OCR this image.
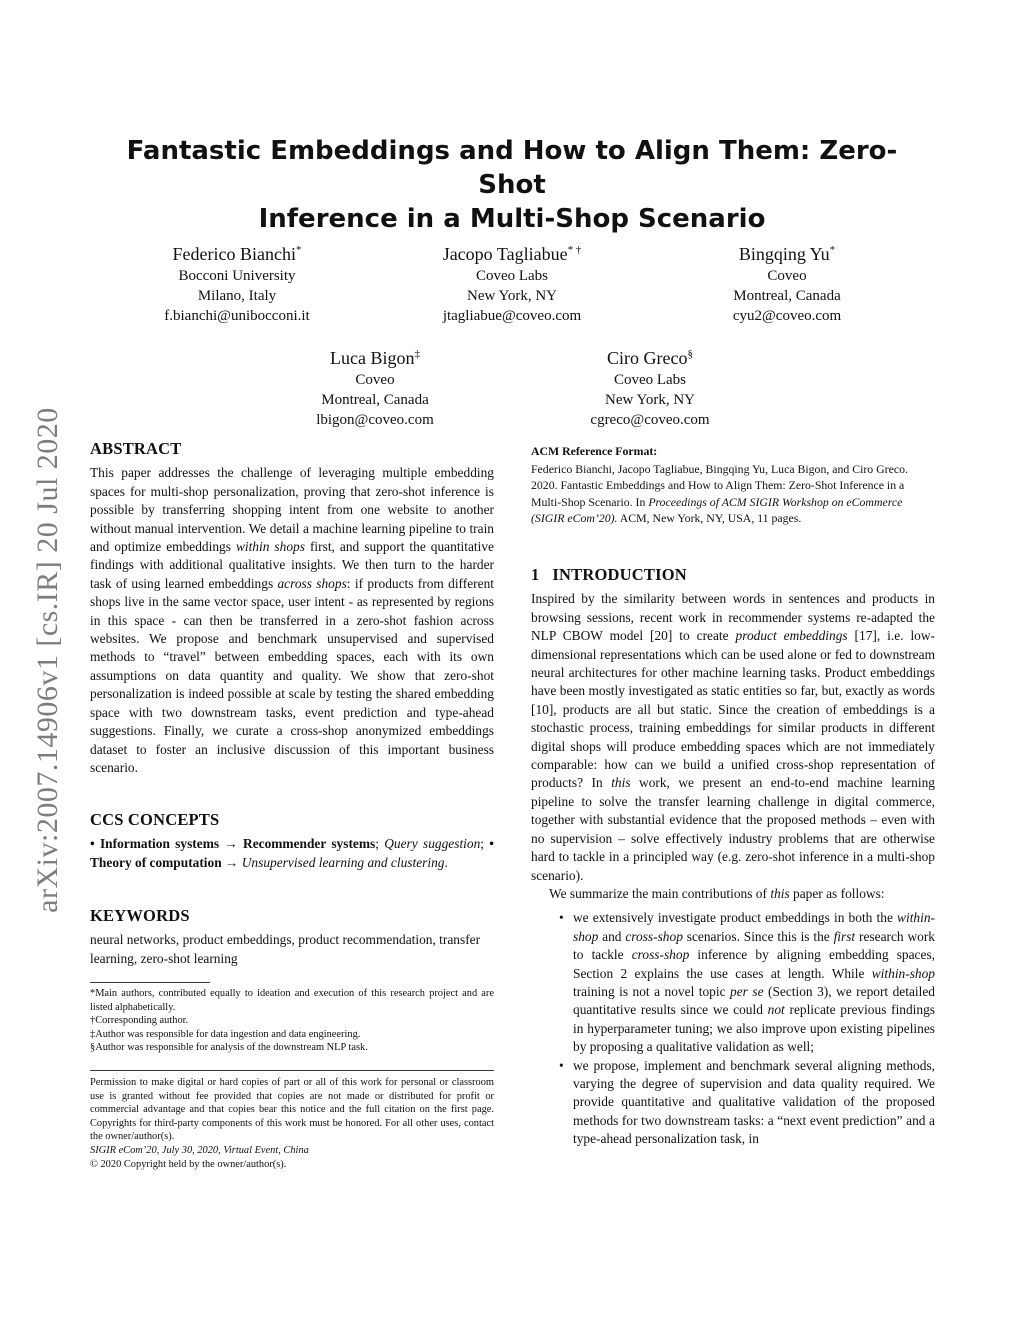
arXiv:2007.14906v1 [cs.IR] 20 Jul 2020
Fantastic Embeddings and How to Align Them: Zero-Shot
Inference in a Multi-Shop Scenario
Federico Bianchi*
Bocconi University
Milano, Italy
f.bianchi@unibocconi.it
Jacopo Tagliabue* †
Coveo Labs
New York, NY
jtagliabue@coveo.com
Bingqing Yu*
Coveo
Montreal, Canada
cyu2@coveo.com
Luca Bigon‡
Coveo
Montreal, Canada
lbigon@coveo.com
Ciro Greco§
Coveo Labs
New York, NY
cgreco@coveo.com
ABSTRACT

This paper addresses the challenge of leveraging multiple embedding spaces for multi-shop personalization, proving that zero-shot inference is possible by transferring shopping intent from one website to another without manual intervention. We detail a machine learning pipeline to train and optimize embeddings within shops first, and support the quantitative findings with additional qualitative insights. We then turn to the harder task of using learned embeddings across shops: if products from different shops live in the same vector space, user intent - as represented by regions in this space - can then be transferred in a zero-shot fashion across websites. We propose and benchmark unsupervised and supervised methods to “travel” between embedding spaces, each with its own assumptions on data quantity and quality. We show that zero-shot personalization is indeed possible at scale by testing the shared embedding space with two downstream tasks, event prediction and type-ahead suggestions. Finally, we curate a cross-shop anonymized embeddings dataset to foster an inclusive discussion of this important business scenario.

CCS CONCEPTS

• Information systems → Recommender systems; Query suggestion; • Theory of computation → Unsupervised learning and clustering.

KEYWORDS

neural networks, product embeddings, product recommendation, transfer learning, zero-shot learning

*Main authors, contributed equally to ideation and execution of this research project and are listed alphabetically.

†Corresponding author.

‡Author was responsible for data ingestion and data engineering.

§Author was responsible for analysis of the downstream NLP task.

Permission to make digital or hard copies of part or all of this work for personal or classroom use is granted without fee provided that copies are not made or distributed for profit or commercial advantage and that copies bear this notice and the full citation on the first page. Copyrights for third-party components of this work must be honored. For all other uses, contact the owner/author(s).

SIGIR eCom’20, July 30, 2020, Virtual Event, China

© 2020 Copyright held by the owner/author(s).

ACM Reference Format:

Federico Bianchi, Jacopo Tagliabue, Bingqing Yu, Luca Bigon, and Ciro Greco. 2020. Fantastic Embeddings and How to Align Them: Zero-Shot Inference in a Multi-Shop Scenario. In Proceedings of ACM SIGIR Workshop on eCommerce (SIGIR eCom’20). ACM, New York, NY, USA, 11 pages.

1   INTRODUCTION

Inspired by the similarity between words in sentences and products in browsing sessions, recent work in recommender systems re-adapted the NLP CBOW model [20] to create product embeddings [17], i.e. low-dimensional representations which can be used alone or fed to downstream neural architectures for other machine learning tasks. Product embeddings have been mostly investigated as static entities so far, but, exactly as words [10], products are all but static. Since the creation of embeddings is a stochastic process, training embeddings for similar products in different digital shops will produce embedding spaces which are not immediately comparable: how can we build a unified cross-shop representation of products? In this work, we present an end-to-end machine learning pipeline to solve the transfer learning challenge in digital commerce, together with substantial evidence that the proposed methods – even with no supervision – solve effectively industry problems that are otherwise hard to tackle in a principled way (e.g. zero-shot inference in a multi-shop scenario).

We summarize the main contributions of this paper as follows:

• we extensively investigate product embeddings in both the within-shop and cross-shop scenarios. Since this is the first research work to tackle cross-shop inference by aligning embedding spaces, Section 2 explains the use cases at length. While within-shop training is not a novel topic per se (Section 3), we report detailed quantitative results since we could not replicate previous findings in hyperparameter tuning; we also improve upon existing pipelines by proposing a qualitative validation as well;
• we propose, implement and benchmark several aligning methods, varying the degree of supervision and data quality required. We provide quantitative and qualitative validation of the proposed methods for two downstream tasks: a “next event prediction” and a type-ahead personalization task, in
